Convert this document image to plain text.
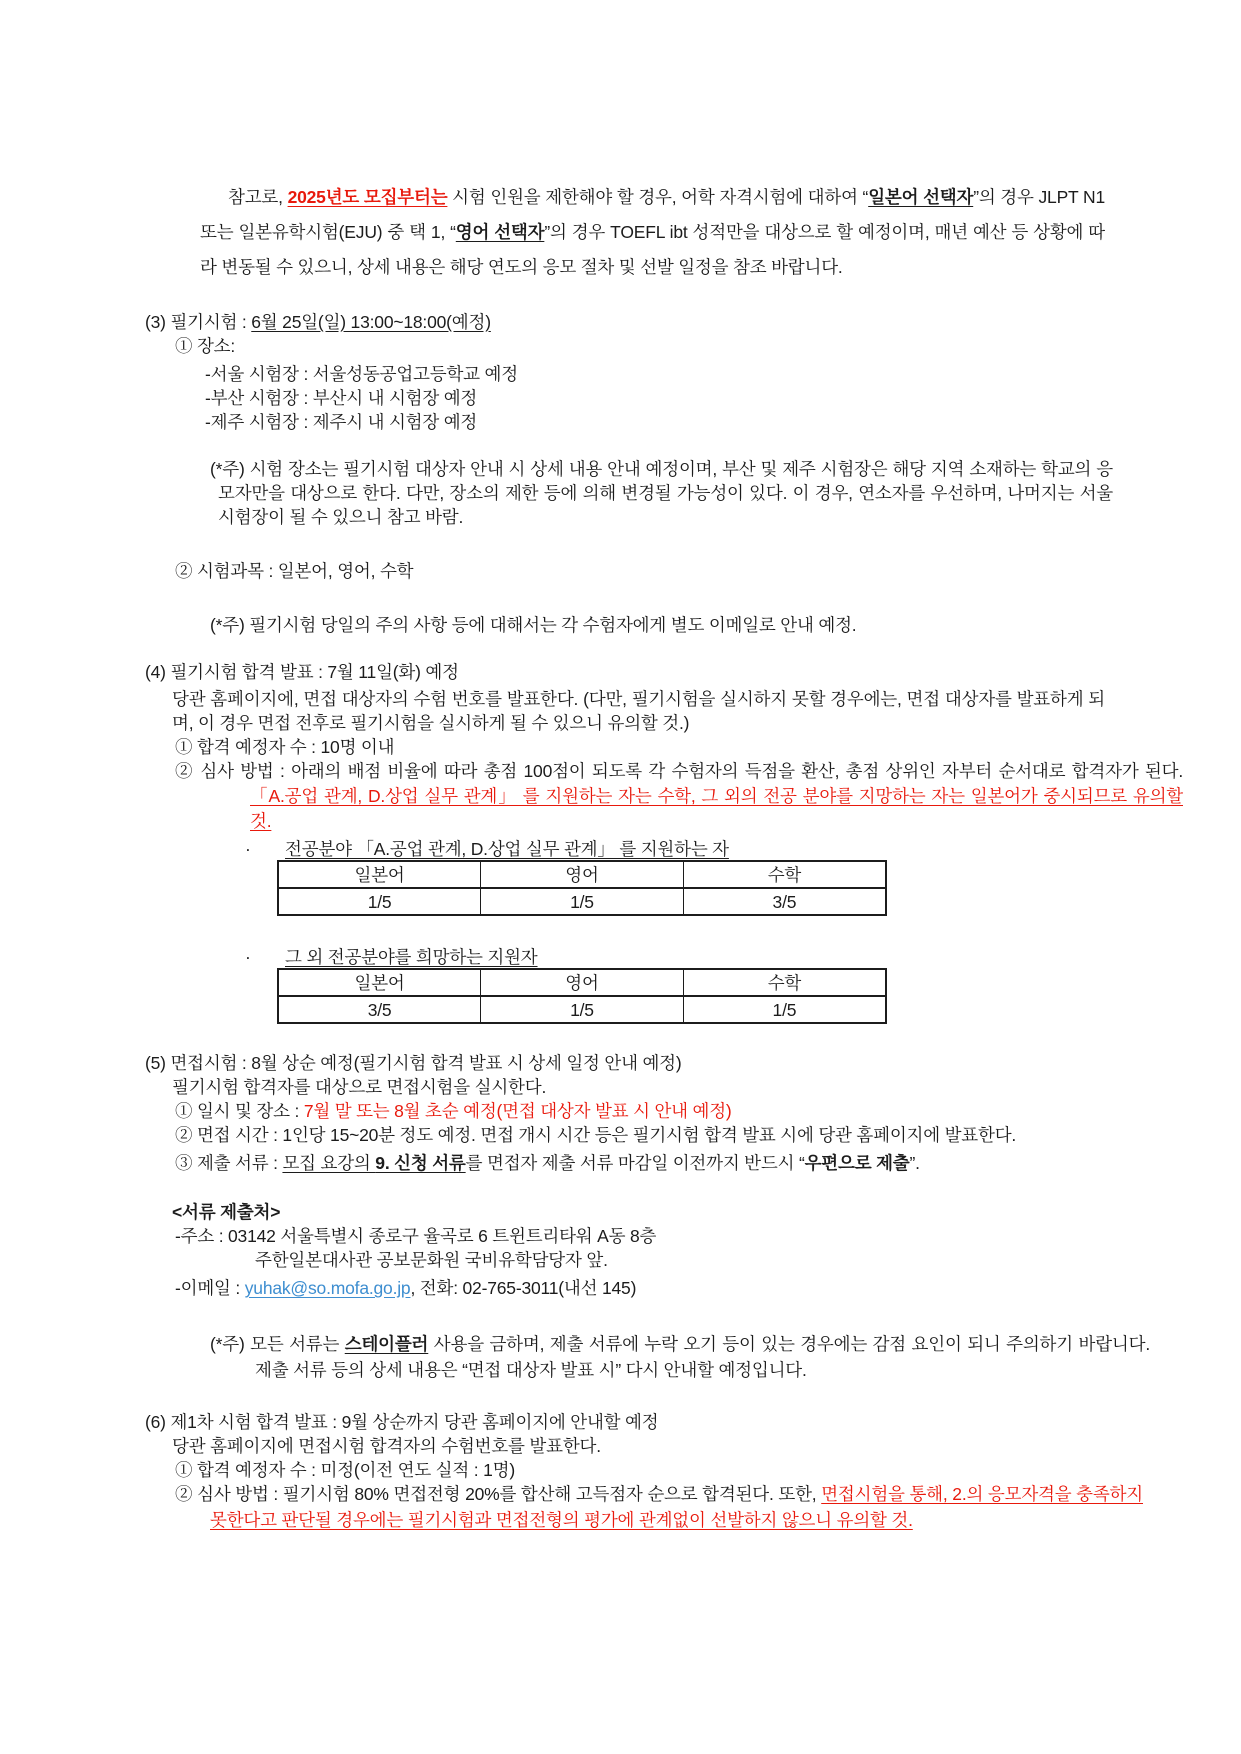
참고로, 2025년도 모집부터는 시험 인원을 제한해야 할 경우, 어학 자격시험에 대하여 “일본어 선택자”의 경우 JLPT N1 또는 일본유학시험(EJU) 중 택 1, “영어 선택자”의 경우 TOEFL ibt 성적만을 대상으로 할 예정이며, 매년 예산 등 상황에 따라 변동될 수 있으니, 상세 내용은 해당 연도의 응모 절차 및 선발 일정을 참조 바랍니다.

(3) 필기시험 : 6월 25일(일) 13:00~18:00(예정)

① 장소:

-서울 시험장 : 서울성동공업고등학교 예정

-부산 시험장 : 부산시 내 시험장 예정

-제주 시험장 : 제주시 내 시험장 예정

(*주) 시험 장소는 필기시험 대상자 안내 시 상세 내용 안내 예정이며, 부산 및 제주 시험장은 해당 지역 소재하는 학교의 응모자만을 대상으로 한다. 다만, 장소의 제한 등에 의해 변경될 가능성이 있다. 이 경우, 연소자를 우선하며, 나머지는 서울 시험장이 될 수 있으니 참고 바람.

② 시험과목 : 일본어, 영어, 수학

(*주) 필기시험 당일의 주의 사항 등에 대해서는 각 수험자에게 별도 이메일로 안내 예정.

(4) 필기시험 합격 발표 : 7월 11일(화) 예정

당관 홈페이지에, 면접 대상자의 수험 번호를 발표한다. (다만, 필기시험을 실시하지 못할 경우에는, 면접 대상자를 발표하게 되며, 이 경우 면접 전후로 필기시험을 실시하게 될 수 있으니 유의할 것.)

① 합격 예정자 수 : 10명 이내

② 심사 방법 : 아래의 배점 비율에 따라 총점 100점이 되도록 각 수험자의 득점을 환산, 총점 상위인 자부터 순서대로 합격자가 된다. 「A.공업 관계, D.상업 실무 관계」 를 지원하는 자는 수학, 그 외의 전공 분야를 지망하는 자는 일본어가 중시되므로 유의할 것.

· 전공분야 「A.공업 관계, D.상업 실무 관계」 를 지원하는 자

일본어	영어	수학
1/5	1/5	3/5

· 그 외 전공분야를 희망하는 지원자

일본어	영어	수학
3/5	1/5	1/5

(5) 면접시험 : 8월 상순 예정(필기시험 합격 발표 시 상세 일정 안내 예정)

필기시험 합격자를 대상으로 면접시험을 실시한다.

① 일시 및 장소 : 7월 말 또는 8월 초순 예정(면접 대상자 발표 시 안내 예정)

② 면접 시간 : 1인당 15~20분 정도 예정. 면접 개시 시간 등은 필기시험 합격 발표 시에 당관 홈페이지에 발표한다.

③ 제출 서류 : 모집 요강의 9. 신청 서류를 면접자 제출 서류 마감일 이전까지 반드시 “우편으로 제출”.

<서류 제출처>

-주소 : 03142 서울특별시 종로구 율곡로 6 트윈트리타워 A동 8층

주한일본대사관 공보문화원 국비유학담당자 앞.

-이메일 : yuhak@so.mofa.go.jp, 전화: 02-765-3011(내선 145)

(*주) 모든 서류는 스테이플러 사용을 금하며, 제출 서류에 누락 오기 등이 있는 경우에는 감점 요인이 되니 주의하기 바랍니다. 제출 서류 등의 상세 내용은 “면접 대상자 발표 시” 다시 안내할 예정입니다.

(6) 제1차 시험 합격 발표 : 9월 상순까지 당관 홈페이지에 안내할 예정

당관 홈페이지에 면접시험 합격자의 수험번호를 발표한다.

① 합격 예정자 수 : 미정(이전 연도 실적 : 1명)

② 심사 방법 : 필기시험 80% 면접전형 20%를 합산해 고득점자 순으로 합격된다. 또한, 면접시험을 통해, 2.의 응모자격을 충족하지 못한다고 판단될 경우에는 필기시험과 면접전형의 평가에 관계없이 선발하지 않으니 유의할 것.
